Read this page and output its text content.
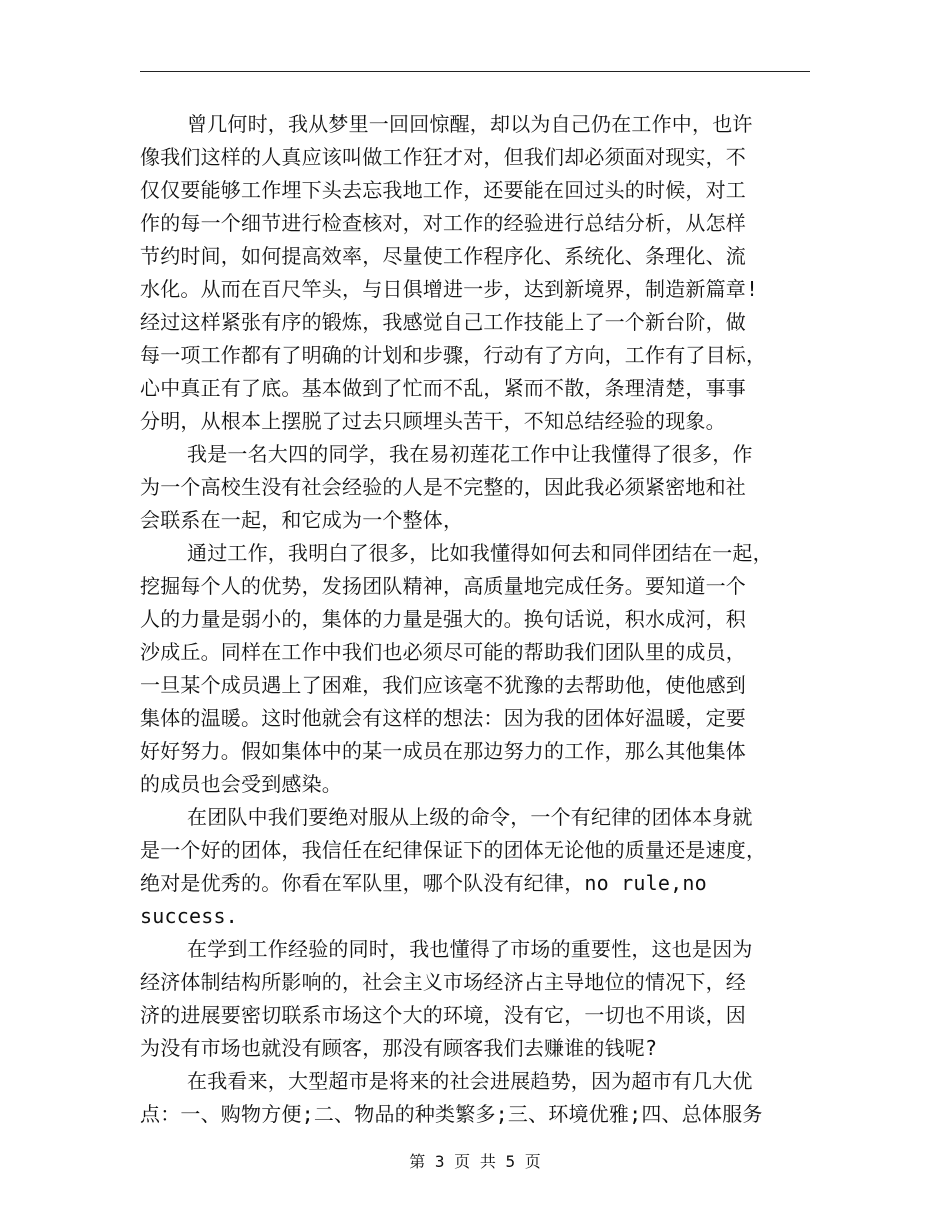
曾几何时，我从梦里一回回惊醒，却以为自己仍在工作中，也许
像我们这样的人真应该叫做工作狂才对，但我们却必须面对现实，不
仅仅要能够工作埋下头去忘我地工作，还要能在回过头的时候，对工
作的每一个细节进行检查核对，对工作的经验进行总结分析，从怎样
节约时间，如何提高效率，尽量使工作程序化、系统化、条理化、流
水化。从而在百尺竿头，与日俱增进一步，达到新境界，制造新篇章!
经过这样紧张有序的锻炼，我感觉自己工作技能上了一个新台阶，做
每一项工作都有了明确的计划和步骤，行动有了方向，工作有了目标，
心中真正有了底。基本做到了忙而不乱，紧而不散，条理清楚，事事
分明，从根本上摆脱了过去只顾埋头苦干，不知总结经验的现象。
我是一名大四的同学，我在易初莲花工作中让我懂得了很多，作
为一个高校生没有社会经验的人是不完整的，因此我必须紧密地和社
会联系在一起，和它成为一个整体，
通过工作，我明白了很多，比如我懂得如何去和同伴团结在一起，
挖掘每个人的优势，发扬团队精神，高质量地完成任务。要知道一个
人的力量是弱小的，集体的力量是强大的。换句话说，积水成河，积
沙成丘。同样在工作中我们也必须尽可能的帮助我们团队里的成员，
一旦某个成员遇上了困难，我们应该毫不犹豫的去帮助他，使他感到
集体的温暖。这时他就会有这样的想法：因为我的团体好温暖，定要
好好努力。假如集体中的某一成员在那边努力的工作，那么其他集体
的成员也会受到感染。
在团队中我们要绝对服从上级的命令，一个有纪律的团体本身就
是一个好的团体，我信任在纪律保证下的团体无论他的质量还是速度，
绝对是优秀的。你看在军队里，哪个队没有纪律，no rule,no
success.
在学到工作经验的同时，我也懂得了市场的重要性，这也是因为
经济体制结构所影响的，社会主义市场经济占主导地位的情况下，经
济的进展要密切联系市场这个大的环境，没有它，一切也不用谈，因
为没有市场也就没有顾客，那没有顾客我们去赚谁的钱呢?
在我看来，大型超市是将来的社会进展趋势，因为超市有几大优
点：一、购物方便;二、物品的种类繁多;三、环境优雅;四、总体服务
第 3 页 共 5 页
